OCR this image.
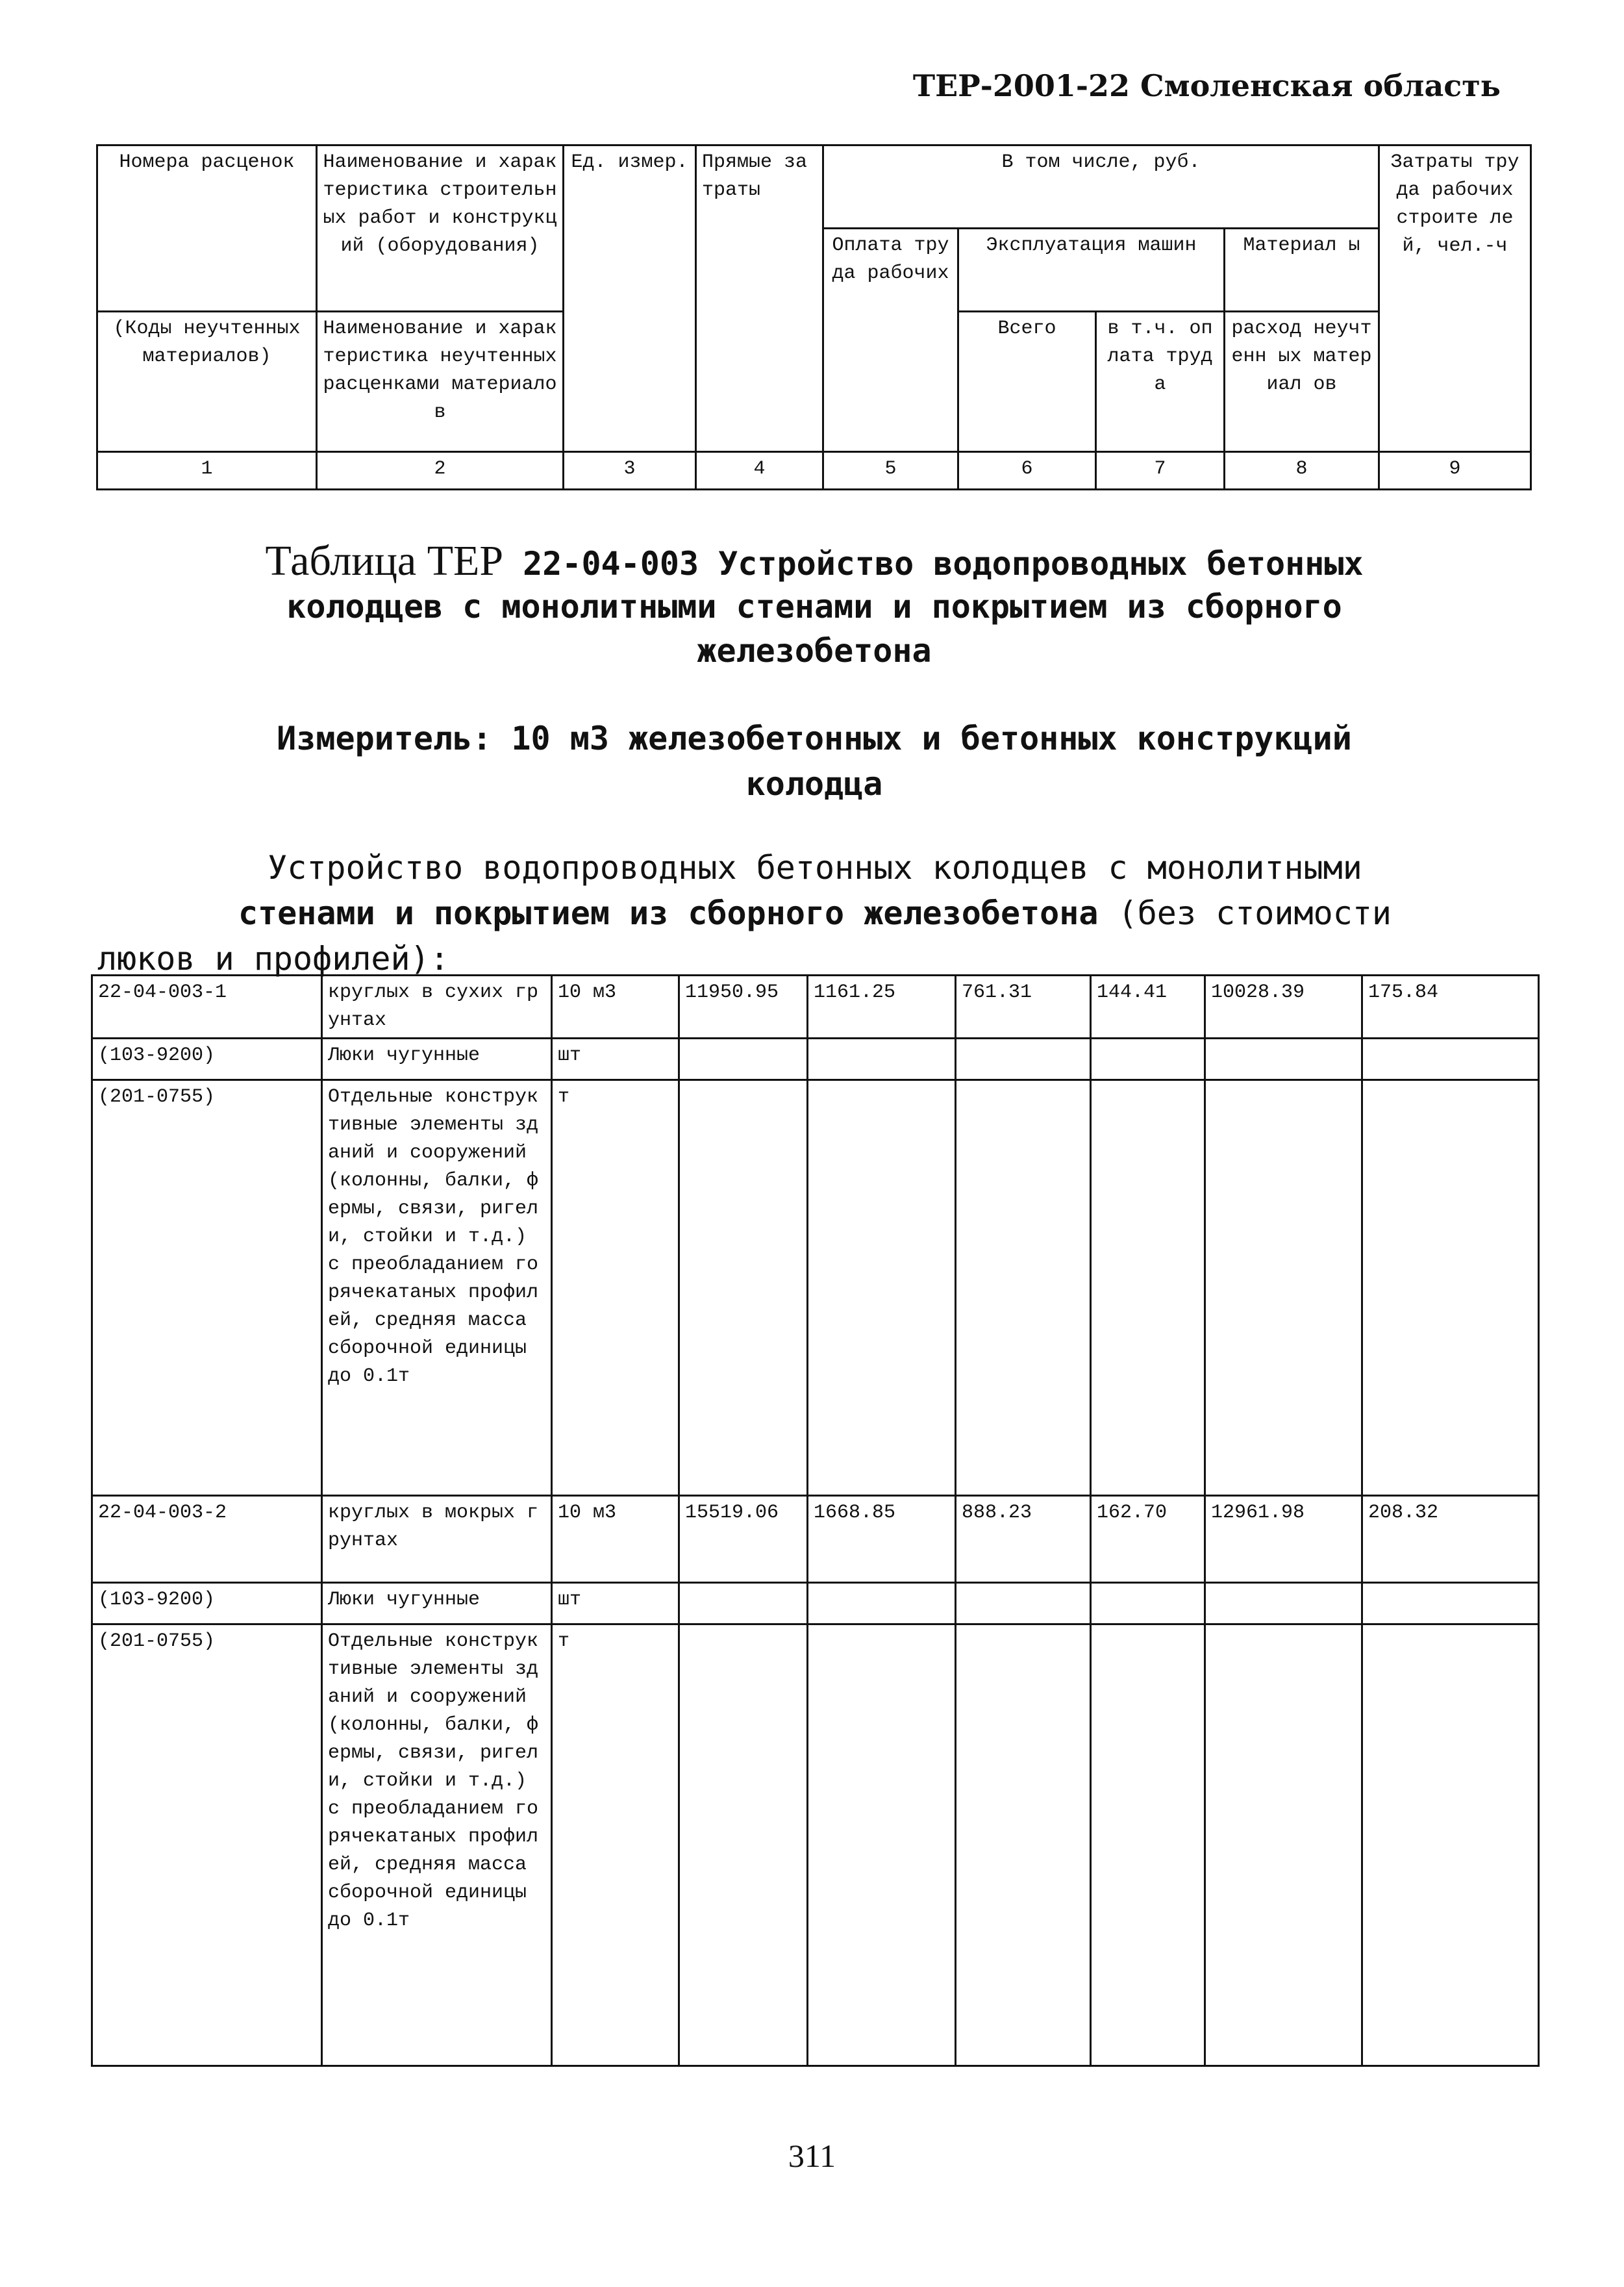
ТЕР-2001-22 Смоленская область
Номера расценок	Наименование и характеристика строительных работ и конструкций (оборудования)	Ед. измер.	Прямые затраты	В том числе, руб.				Затраты труда рабочих строите лей, чел.-ч
				Оплата труда рабочих	Эксплуатация машин		Материал ы	
(Коды неучтенных материалов)	Наименование и характеристика неучтенных расценками материалов				Всего	в т.ч. оплата труда	расход неучтенн ых материал ов	
1	2	3	4	5	6	7	8	9
Таблица ТЕР 22-04-003 Устройство водопроводных бетонных
колодцев с монолитными стенами и покрытием из сборного
железобетона
Измеритель: 10 м3 железобетонных и бетонных конструкций
колодца
Устройство водопроводных бетонных колодцев с монолитными
стенами и покрытием из сборного железобетона (без стоимости
люков и профилей):
22-04-003-1	круглых в сухих грунтах	10 м3	11950.95	1161.25	761.31	144.41	10028.39	175.84
(103-9200)	Люки чугунные	шт						
(201-0755)	Отдельные конструктивные элементы зданий и сооружений(колонны, балки, фермы, связи, ригели, стойки и т.д.) с преобладанием горячекатаных профилей, средняя масса сборочной единицы до 0.1т	т						
22-04-003-2	круглых в мокрых грунтах	10 м3	15519.06	1668.85	888.23	162.70	12961.98	208.32
(103-9200)	Люки чугунные	шт						
(201-0755)	Отдельные конструктивные элементы зданий и сооружений(колонны, балки, фермы, связи, ригели, стойки и т.д.) с преобладанием горячекатаных профилей, средняя масса сборочной единицы до 0.1т	т						
311
